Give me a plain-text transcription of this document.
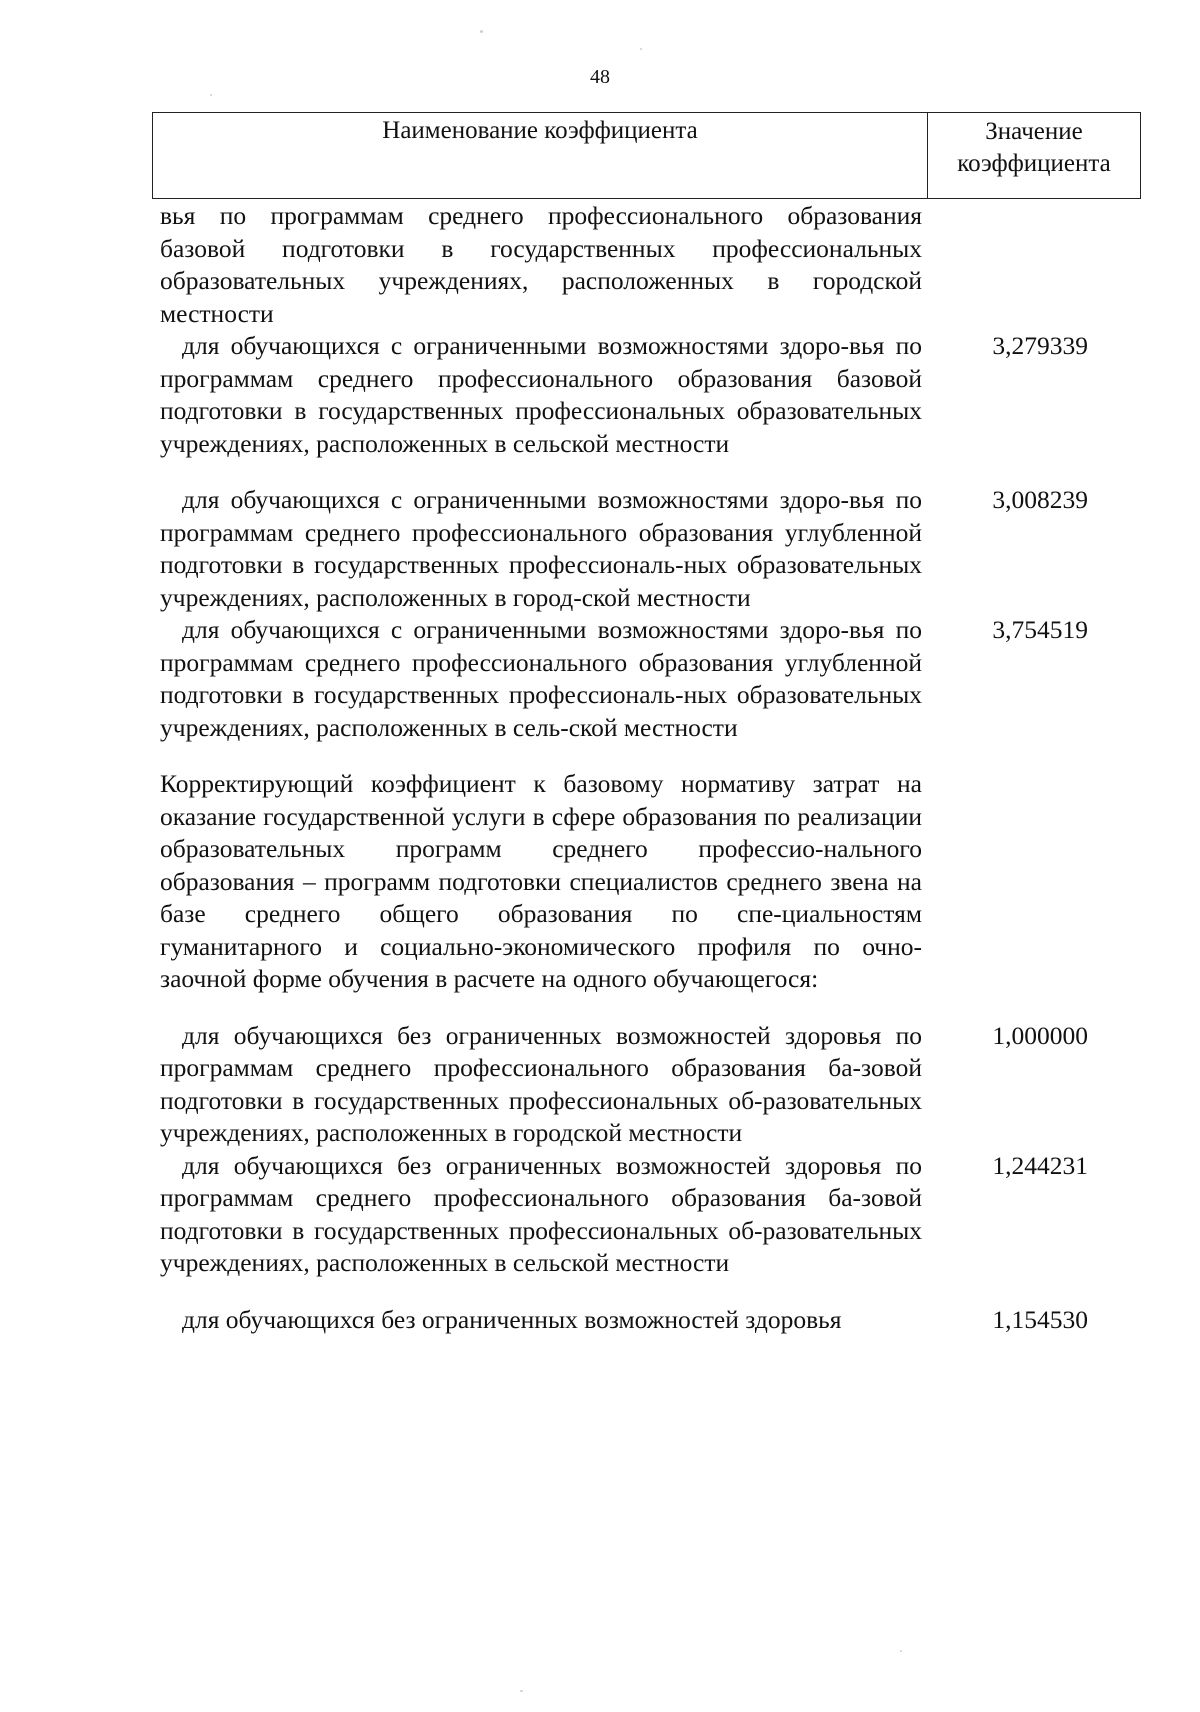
48
Наименование коэффициента	Значение коэффициента
вья по программам среднего профессионального образования базовой подготовки в государственных профессиональных образовательных учреждениях, расположенных в городской местности
для обучающихся с ограниченными возможностями здоро-вья по программам среднего профессионального образования базовой подготовки в государственных профессиональных образовательных учреждениях, расположенных в сельской местности
3,279339
для обучающихся с ограниченными возможностями здоро-вья по программам среднего профессионального образования углубленной подготовки в государственных профессиональ-ных образовательных учреждениях, расположенных в город-ской местности
3,008239
для обучающихся с ограниченными возможностями здоро-вья по программам среднего профессионального образования углубленной подготовки в государственных профессиональ-ных образовательных учреждениях, расположенных в сель-ской местности
3,754519
Корректирующий коэффициент к базовому нормативу затрат на оказание государственной услуги в сфере образования по реализации образовательных программ среднего профессио-нального образования – программ подготовки специалистов среднего звена на базе среднего общего образования по спе-циальностям гуманитарного и социально-экономического профиля по очно-заочной форме обучения в расчете на одного обучающегося:
для обучающихся без ограниченных возможностей здоровья по программам среднего профессионального образования ба-зовой подготовки в государственных профессиональных об-разовательных учреждениях, расположенных в городской местности
1,000000
для обучающихся без ограниченных возможностей здоровья по программам среднего профессионального образования ба-зовой подготовки в государственных профессиональных об-разовательных учреждениях, расположенных в сельской местности
1,244231
для обучающихся без ограниченных возможностей здоровья	1,154530
